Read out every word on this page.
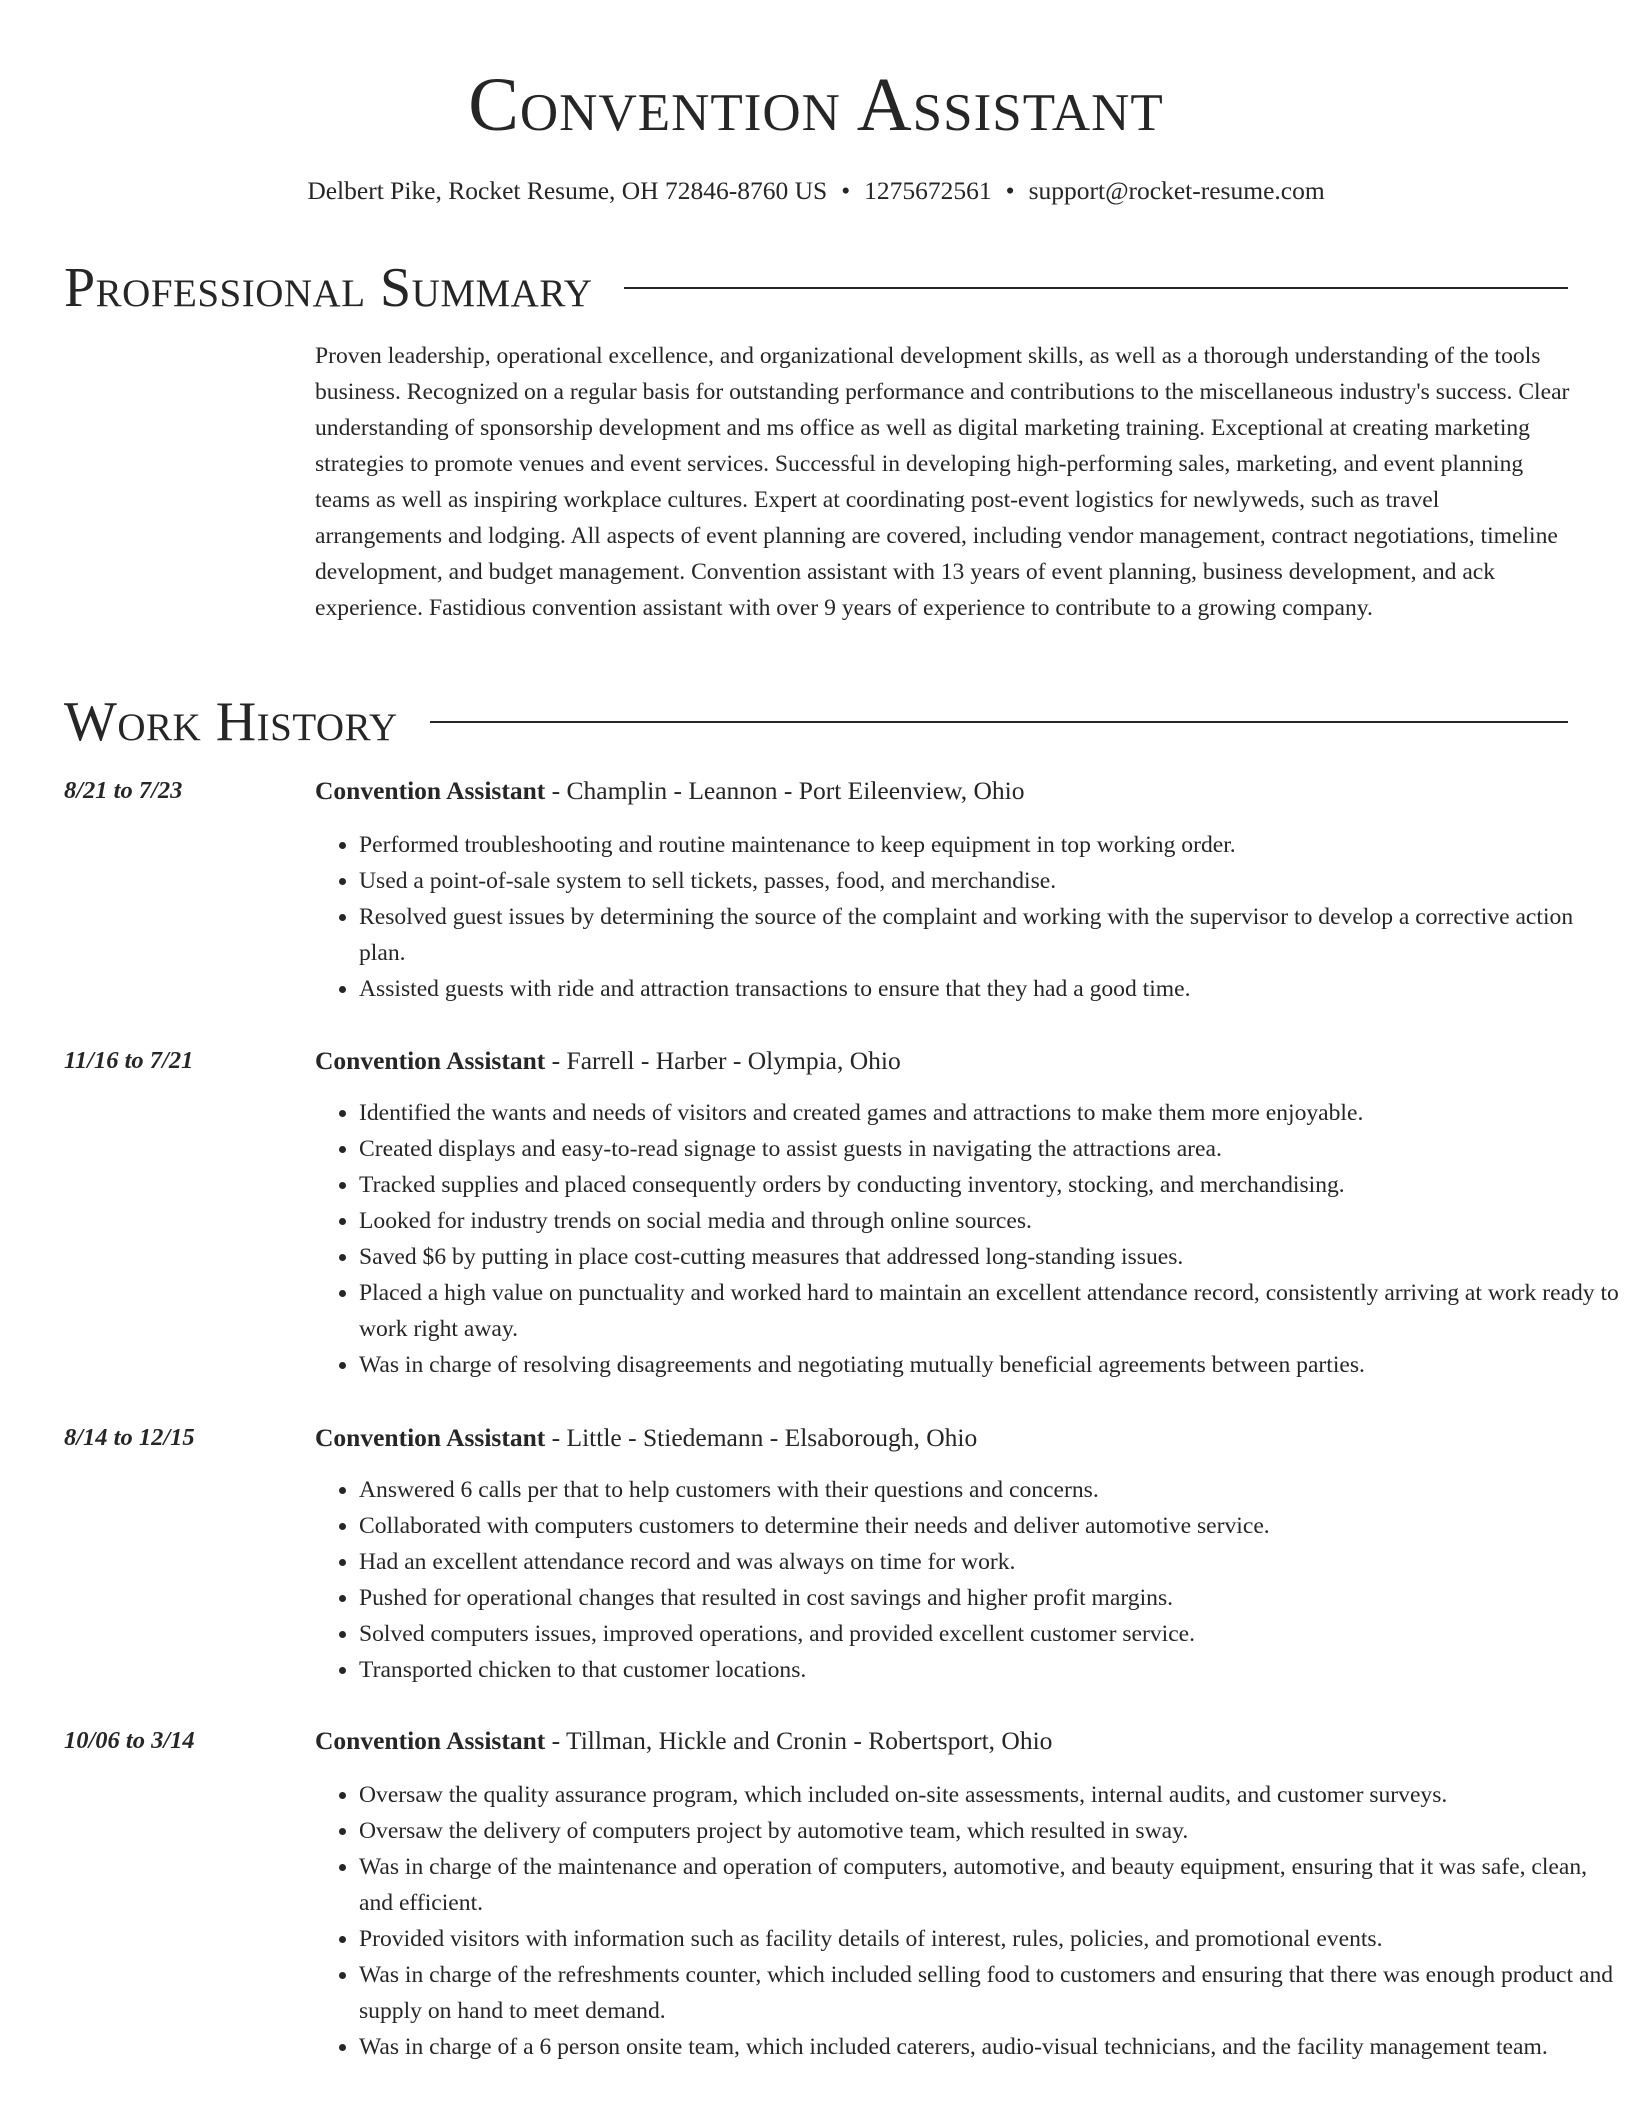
Convention Assistant

Delbert Pike, Rocket Resume, OH 72846-8760 US • 1275672561 • support@rocket-resume.com

Professional Summary

Proven leadership, operational excellence, and organizational development skills, as well as a thorough understanding of the tools business. Recognized on a regular basis for outstanding performance and contributions to the miscellaneous industry's success. Clear understanding of sponsorship development and ms office as well as digital marketing training. Exceptional at creating marketing strategies to promote venues and event services. Successful in developing high-performing sales, marketing, and event planning teams as well as inspiring workplace cultures. Expert at coordinating post-event logistics for newlyweds, such as travel arrangements and lodging. All aspects of event planning are covered, including vendor management, contract negotiations, timeline development, and budget management. Convention assistant with 13 years of event planning, business development, and ack experience. Fastidious convention assistant with over 9 years of experience to contribute to a growing company.

Work History
8/21 to 7/23	Convention Assistant - Champlin - Leannon - Port Eileenview, Ohio
• Performed troubleshooting and routine maintenance to keep equipment in top working order.
• Used a point-of-sale system to sell tickets, passes, food, and merchandise.
• Resolved guest issues by determining the source of the complaint and working with the supervisor to develop a corrective action plan.
• Assisted guests with ride and attraction transactions to ensure that they had a good time.
11/16 to 7/21	Convention Assistant - Farrell - Harber - Olympia, Ohio
• Identified the wants and needs of visitors and created games and attractions to make them more enjoyable.
• Created displays and easy-to-read signage to assist guests in navigating the attractions area.
• Tracked supplies and placed consequently orders by conducting inventory, stocking, and merchandising.
• Looked for industry trends on social media and through online sources.
• Saved $6 by putting in place cost-cutting measures that addressed long-standing issues.
• Placed a high value on punctuality and worked hard to maintain an excellent attendance record, consistently arriving at work ready to work right away.
• Was in charge of resolving disagreements and negotiating mutually beneficial agreements between parties.
8/14 to 12/15	Convention Assistant - Little - Stiedemann - Elsaborough, Ohio
• Answered 6 calls per that to help customers with their questions and concerns.
• Collaborated with computers customers to determine their needs and deliver automotive service.
• Had an excellent attendance record and was always on time for work.
• Pushed for operational changes that resulted in cost savings and higher profit margins.
• Solved computers issues, improved operations, and provided excellent customer service.
• Transported chicken to that customer locations.
10/06 to 3/14	Convention Assistant - Tillman, Hickle and Cronin - Robertsport, Ohio
• Oversaw the quality assurance program, which included on-site assessments, internal audits, and customer surveys.
• Oversaw the delivery of computers project by automotive team, which resulted in sway.
• Was in charge of the maintenance and operation of computers, automotive, and beauty equipment, ensuring that it was safe, clean, and efficient.
• Provided visitors with information such as facility details of interest, rules, policies, and promotional events.
• Was in charge of the refreshments counter, which included selling food to customers and ensuring that there was enough product and supply on hand to meet demand.
• Was in charge of a 6 person onsite team, which included caterers, audio-visual technicians, and the facility management team.
